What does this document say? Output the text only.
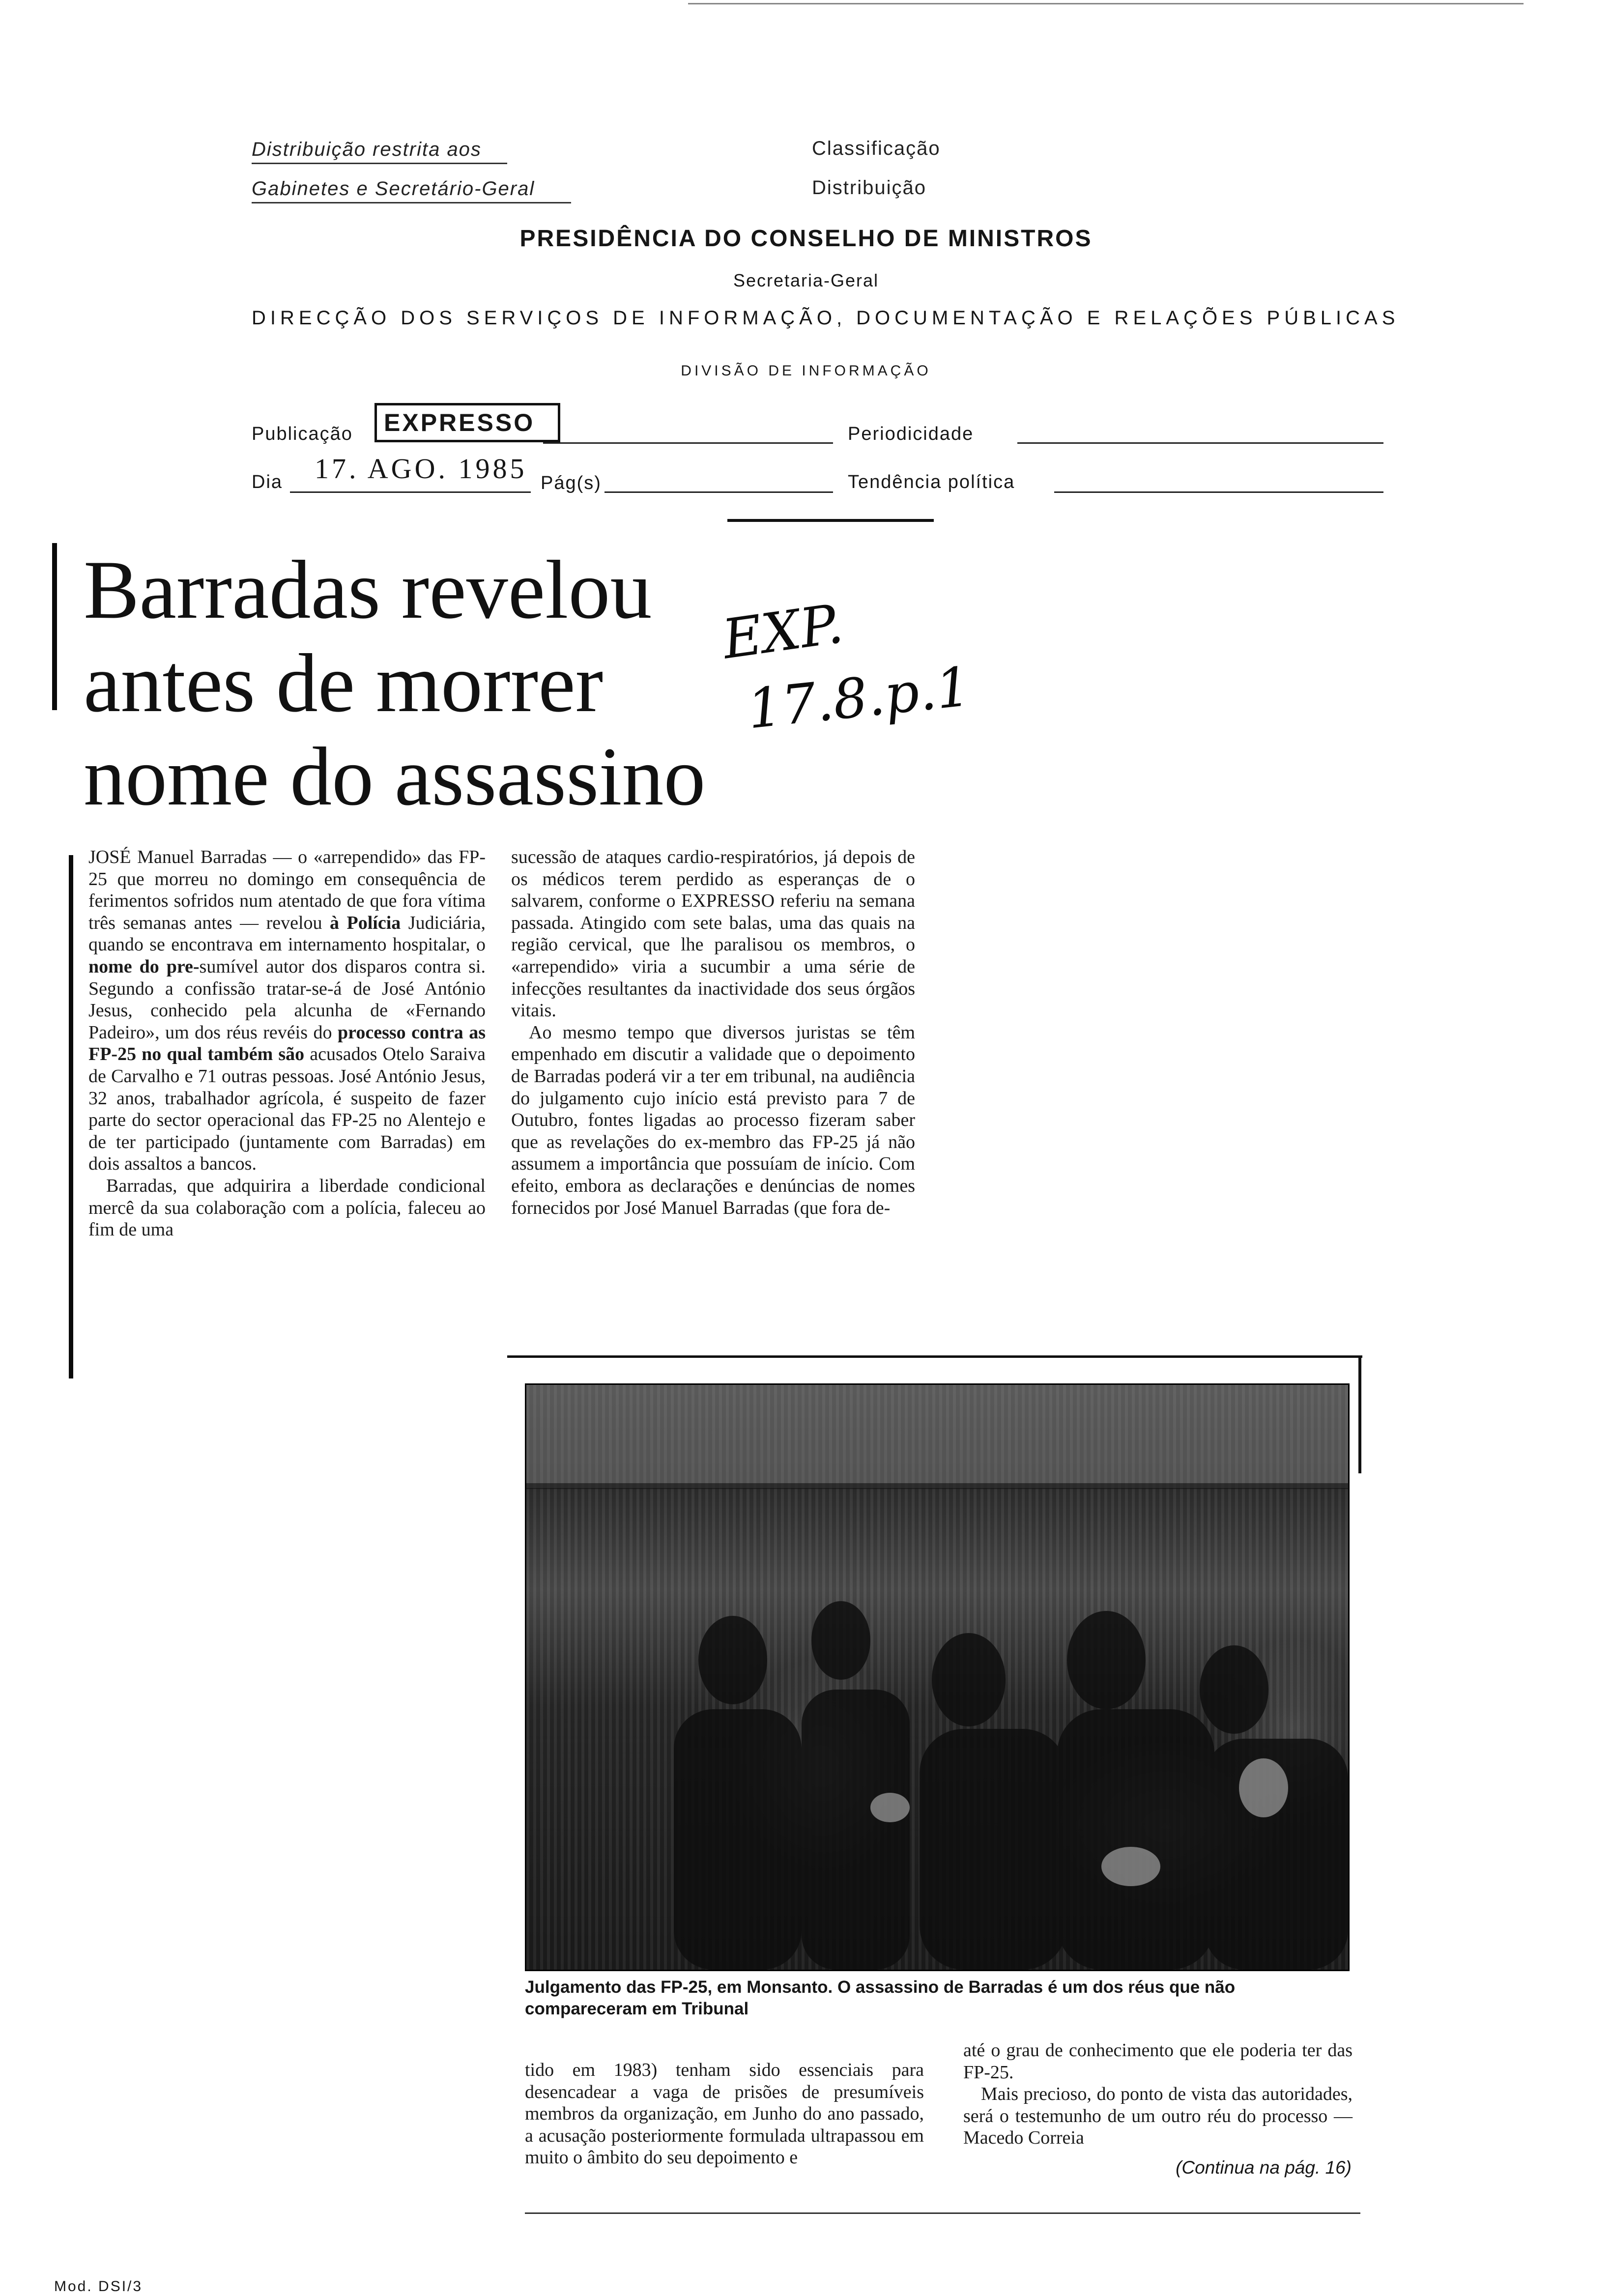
Distribuição restrita aos
Gabinetes e Secretário-Geral
Classificação
Distribuição
PRESIDÊNCIA DO CONSELHO DE MINISTROS
Secretaria-Geral
DIRECÇÃO DOS SERVIÇOS DE INFORMAÇÃO, DOCUMENTAÇÃO E RELAÇÕES PÚBLICAS
DIVISÃO DE INFORMAÇÃO
Publicação	EXPRESSO	Periodicidade
Dia 17. AGO. 1985 Pág(s)	Tendência política
Barradas revelou
antes de morrer
nome do assassino
EXP.
17.8.p.1

JOSÉ Manuel Barradas — o «arrependido» das FP-25 que morreu no domingo em consequência de ferimentos sofridos num atentado de que fora vítima três semanas antes — revelou à Polícia Judiciária, quando se encontrava em internamento hospitalar, o nome do pre-sumível autor dos disparos contra si. Segundo a confissão tratar-se-á de José António Jesus, conhecido pela alcunha de «Fernando Padeiro», um dos réus revéis do processo contra as FP-25 no qual também são acusados Otelo Saraiva de Carvalho e 71 outras pessoas. José António Jesus, 32 anos, trabalhador agrícola, é suspeito de fazer parte do sector operacional das FP-25 no Alentejo e de ter participado (juntamente com Barradas) em dois assaltos a bancos.

Barradas, que adquirira a liberdade condicional mercê da sua colaboração com a polícia, faleceu ao fim de uma

sucessão de ataques cardio-respiratórios, já depois de os médicos terem perdido as esperanças de o salvarem, conforme o EXPRESSO referiu na semana passada. Atingido com sete balas, uma das quais na região cervical, que lhe paralisou os membros, o «arrependido» viria a sucumbir a uma série de infecções resultantes da inactividade dos seus órgãos vitais.

Ao mesmo tempo que diversos juristas se têm empenhado em discutir a validade que o depoimento de Barradas poderá vir a ter em tribunal, na audiência do julgamento cujo início está previsto para 7 de Outubro, fontes ligadas ao processo fizeram saber que as revelações do ex-membro das FP-25 já não assumem a importância que possuíam de início. Com efeito, embora as declarações e denúncias de nomes fornecidos por José Manuel Barradas (que fora de-

Julgamento das FP-25, em Monsanto. O assassino de Barradas é um dos réus que não compareceram em Tribunal
tido em 1983) tenham sido essenciais para desencadear a vaga de prisões de presumíveis membros da organização, em Junho do ano passado, a acusação posteriormente formulada ultrapassou em muito o âmbito do seu depoimento e

até o grau de conhecimento que ele poderia ter das FP-25.

Mais precioso, do ponto de vista das autoridades, será o testemunho de um outro réu do processo — Macedo Correia

(Continua na pág. 16)
Mod. DSI/3
